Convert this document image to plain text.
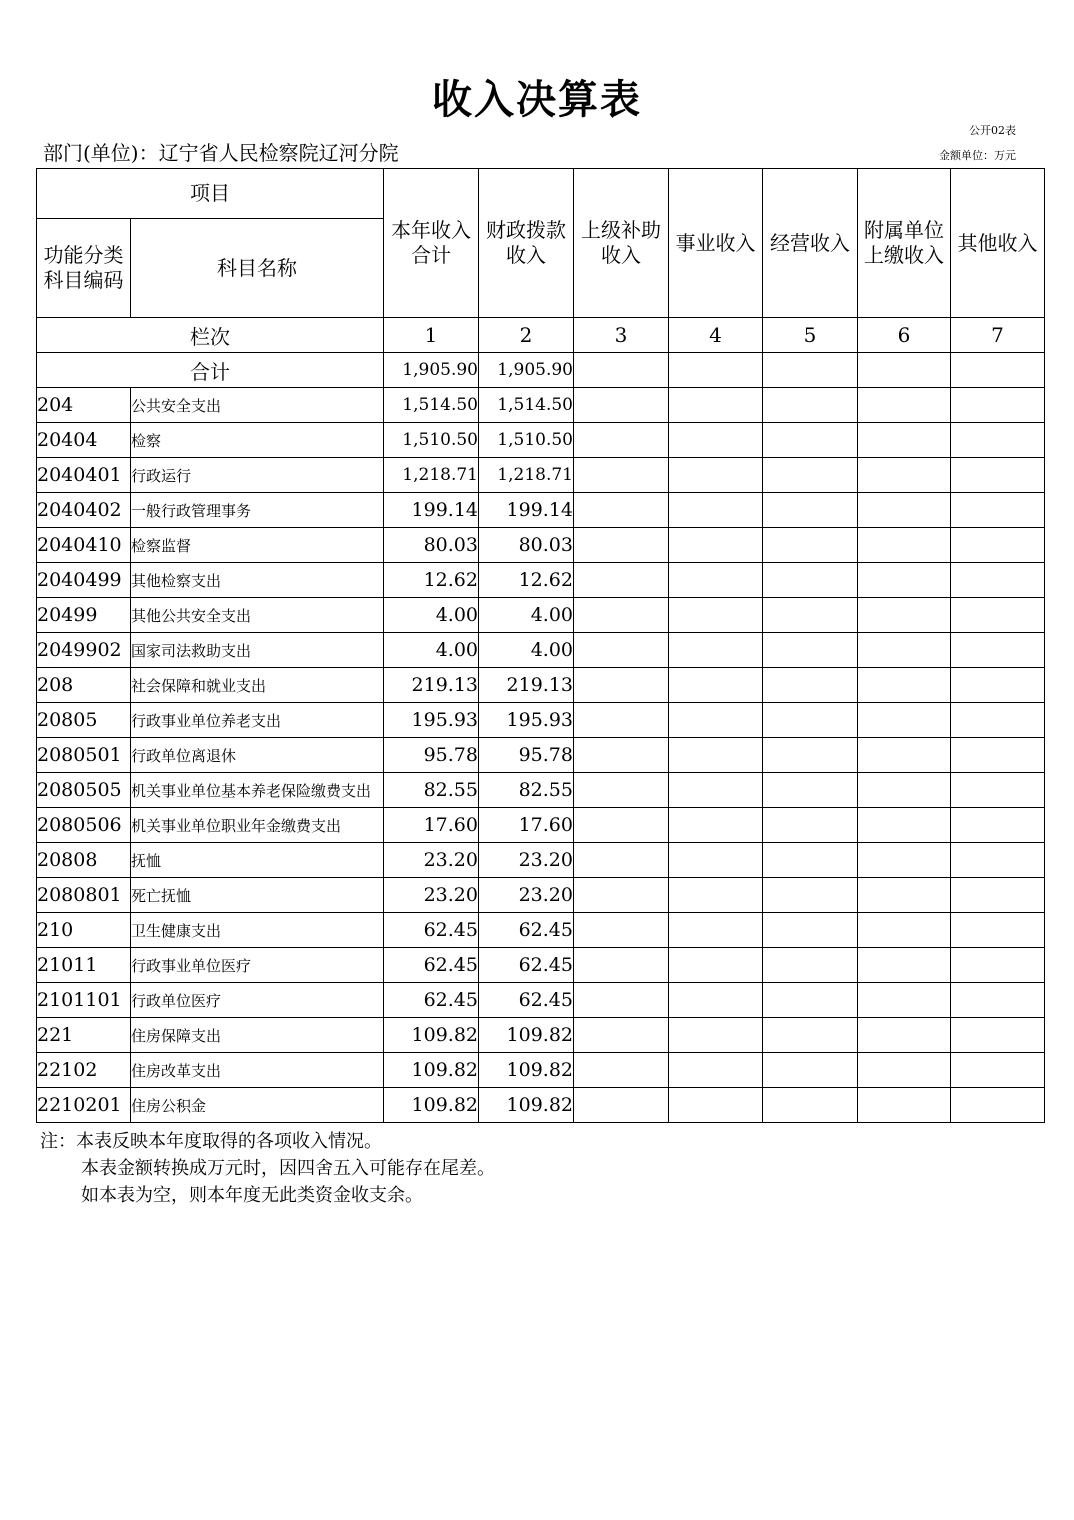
收入决算表
公开02表
部门(单位)：辽宁省人民检察院辽河分院	金额单位：万元
项目		本年收入合计	财政拨款收入	上级补助收入	事业收入	经营收入	附属单位上缴收入	其他收入
功能分类科目编码	科目名称							
栏次		1	2	3	4	5	6	7
合计		1,905.90	1,905.90					
204	公共安全支出	1,514.50	1,514.50					
20404	检察	1,510.50	1,510.50					
2040401	行政运行	1,218.71	1,218.71					
2040402	一般行政管理事务	199.14	199.14					
2040410	检察监督	80.03	80.03					
2040499	其他检察支出	12.62	12.62					
20499	其他公共安全支出	4.00	4.00					
2049902	国家司法救助支出	4.00	4.00					
208	社会保障和就业支出	219.13	219.13					
20805	行政事业单位养老支出	195.93	195.93					
2080501	行政单位离退休	95.78	95.78					
2080505	机关事业单位基本养老保险缴费支出	82.55	82.55					
2080506	机关事业单位职业年金缴费支出	17.60	17.60					
20808	抚恤	23.20	23.20					
2080801	死亡抚恤	23.20	23.20					
210	卫生健康支出	62.45	62.45					
21011	行政事业单位医疗	62.45	62.45					
2101101	行政单位医疗	62.45	62.45					
221	住房保障支出	109.82	109.82					
22102	住房改革支出	109.82	109.82					
2210201	住房公积金	109.82	109.82					
注：本表反映本年度取得的各项收入情况。
本表金额转换成万元时，因四舍五入可能存在尾差。
如本表为空，则本年度无此类资金收支余。
